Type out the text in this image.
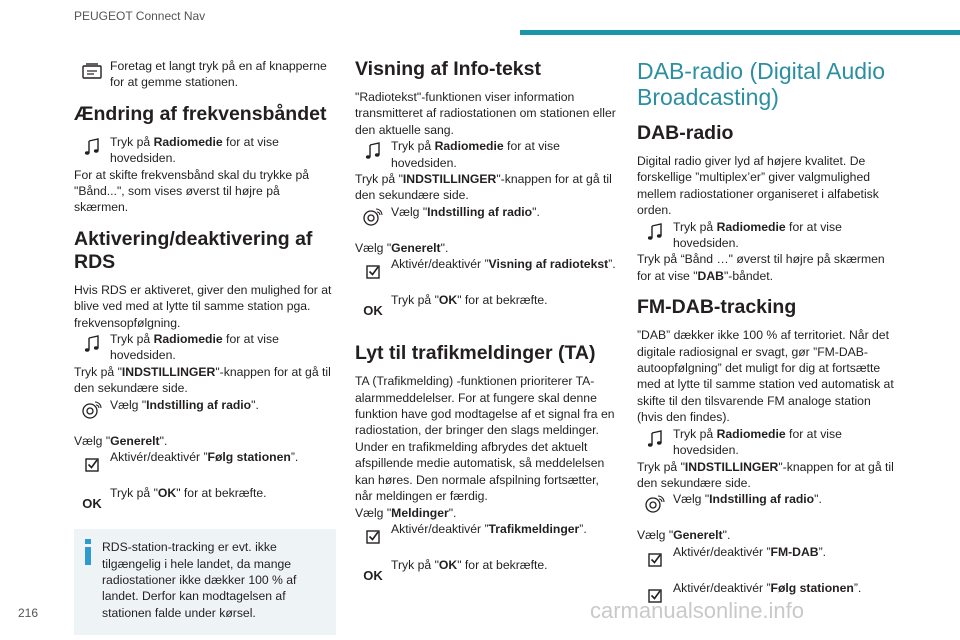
PEUGEOT Connect Nav
Foretag et langt tryk på en af knapperne for at gemme stationen.
Ændring af frekvensbåndet
Tryk på Radiomedie for at vise hovedsiden.

For at skifte frekvensbånd skal du trykke på "Bånd...", som vises øverst til højre på skærmen.

Aktivering/deaktivering af RDS

Hvis RDS er aktiveret, giver den mulighed for at blive ved med at lytte til samme station pga. frekvensopfølgning.

Tryk på Radiomedie for at vise hovedsiden.

Tryk på "INDSTILLINGER"-knappen for at gå til den sekundære side.

Vælg "Indstilling af radio".

Vælg "Generelt".

Aktivér/deaktivér ”Følg stationen”.
OK
Tryk på "OK" for at bekræfte.
RDS-station-tracking er evt. ikke tilgængelig i hele landet, da mange radiostationer ikke dækker 100 % af landet. Derfor kan modtagelsen af stationen falde under kørsel.
Visning af Info-tekst

"Radiotekst"-funktionen viser information transmitteret af radiostationen om stationen eller den aktuelle sang.

Tryk på Radiomedie for at vise hovedsiden.

Tryk på "INDSTILLINGER"-knappen for at gå til den sekundære side.

Vælg "Indstilling af radio".

Vælg "Generelt".

Aktivér/deaktivér ”Visning af radiotekst”.
OK
Tryk på "OK" for at bekræfte.
Lyt til trafikmeldinger (TA)

TA (Trafikmelding) -funktionen prioriterer TA-alarmmeddelelser. For at fungere skal denne funktion have god modtagelse af et signal fra en radiostation, der bringer den slags meldinger. Under en trafikmelding afbrydes det aktuelt afspillende medie automatisk, så meddelelsen kan høres. Den normale afspilning fortsætter, når meldingen er færdig.

Vælg "Meldinger".

Aktivér/deaktivér ”Trafikmeldinger”.
OK
Tryk på "OK" for at bekræfte.
DAB-radio (Digital Audio Broadcasting)
DAB-radio

Digital radio giver lyd af højere kvalitet. De forskellige ”multiplex’er” giver valgmulighed mellem radiostationer organiseret i alfabetisk orden.

Tryk på Radiomedie for at vise hovedsiden.

Tryk på “Bånd …" øverst til højre på skærmen for at vise "DAB"-båndet.

FM-DAB-tracking

”DAB” dækker ikke 100 % af territoriet. Når det digitale radiosignal er svagt, gør ”FM-DAB-autoopfølgning” det muligt for dig at fortsætte med at lytte til samme station ved automatisk at skifte til den tilsvarende FM analoge station (hvis den findes).

Tryk på Radiomedie for at vise hovedsiden.

Tryk på "INDSTILLINGER"-knappen for at gå til den sekundære side.

Vælg "Indstilling af radio".

Vælg "Generelt".

Aktivér/deaktivér ”FM-DAB”.
Aktivér/deaktivér ”Følg stationen”.
216	carmanualsonline.info
